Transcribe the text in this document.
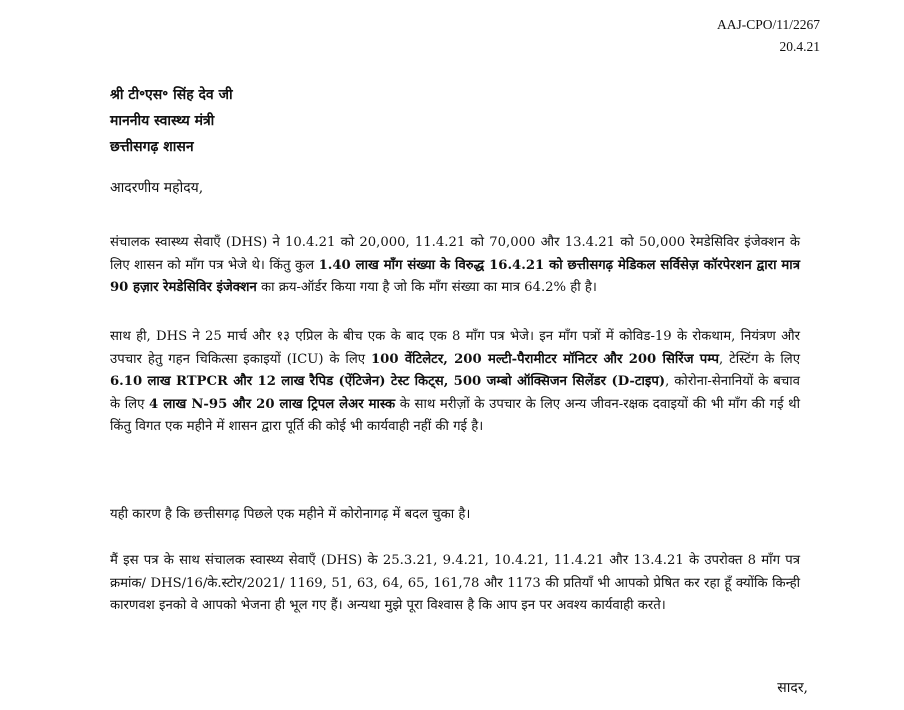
AAJ-CPO/11/2267
20.4.21
श्री टी॰एस॰ सिंह देव जी
माननीय स्वास्थ्य मंत्री
छत्तीसगढ़ शासन
आदरणीय महोदय,
संचालक स्वास्थ्य सेवाएँ (DHS) ने 10.4.21 को 20,000, 11.4.21 को 70,000 और 13.4.21 को 50,000 रेमडेसिविर इंजेक्शन के लिए शासन को माँग पत्र भेजे थे। किंतु कुल 1.40 लाख माँग संख्या के विरुद्ध 16.4.21 को छत्तीसगढ़ मेडिकल सर्विसेज़ कॉरपेरशन द्वारा मात्र 90 हज़ार रेमडेसिविर इंजेक्शन का क्रय-ऑर्डर किया गया है जो कि माँग संख्या का मात्र 64.2% ही है।
साथ ही, DHS ने 25 मार्च और १३ एप्रिल के बीच एक के बाद एक 8 माँग पत्र भेजे। इन माँग पत्रों में कोविड-19 के रोकथाम, नियंत्रण और उपचार हेतु गहन चिकित्सा इकाइयों (ICU) के लिए 100 वेंटिलेटर, 200 मल्टी-पैरामीटर मॉनिटर और 200 सिरिंज पम्प, टेस्टिंग के लिए 6.10 लाख RTPCR और 12 लाख रैपिड (ऐंटिजेन) टेस्ट किट्स, 500 जम्बो ऑक्सिजन सिलेंडर (D-टाइप), कोरोना-सेनानियों के बचाव के लिए 4 लाख N-95 और 20 लाख ट्रिपल लेअर मास्क के साथ मरीज़ों के उपचार के लिए अन्य जीवन-रक्षक दवाइयों की भी माँग की गई थी किंतु विगत एक महीने में शासन द्वारा पूर्ति की कोई भी कार्यवाही नहीं की गई है।
यही कारण है कि छत्तीसगढ़ पिछले एक महीने में कोरोनागढ़ में बदल चुका है।
मैं इस पत्र के साथ संचालक स्वास्थ्य सेवाएँ (DHS) के 25.3.21, 9.4.21, 10.4.21, 11.4.21 और 13.4.21 के उपरोक्त 8 माँग पत्र क्रमांक/ DHS/16/के.स्टोर/2021/ 1169, 51, 63, 64, 65, 161,78 और 1173 की प्रतियाँ भी आपको प्रेषित कर रहा हूँ क्योंकि किन्ही कारणवश इनको वे आपको भेजना ही भूल गए हैं। अन्यथा मुझे पूरा विश्वास है कि आप इन पर अवश्य कार्यवाही करते।
सादर,
